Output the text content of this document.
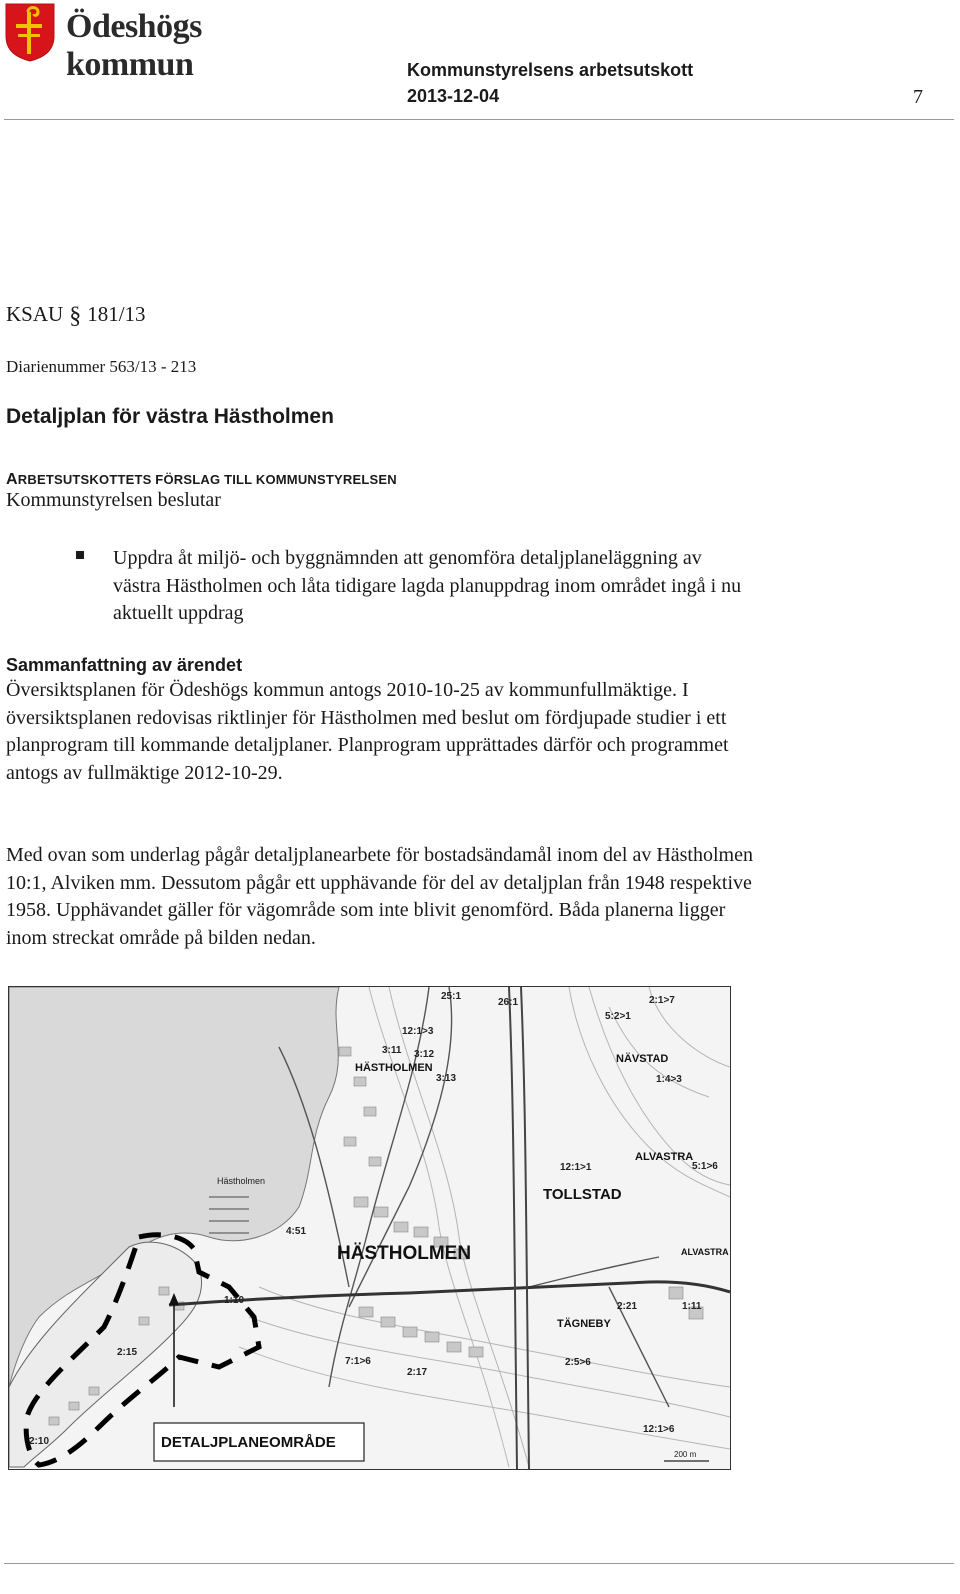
Ödeshögs kommun	Kommunstyrelsens arbetsutskott
2013-12-04	7
KSAU § 181/13
Diarienummer 563/13 - 213
Detaljplan för västra Hästholmen
ARBETSUTSKOTTETS FÖRSLAG TILL KOMMUNSTYRELSEN
Kommunstyrelsen beslutar
Uppdra åt miljö- och byggnämnden att genomföra detaljplaneläggning av västra Hästholmen och låta tidigare lagda planuppdrag inom området ingå i nu aktuellt uppdrag
Sammanfattning av ärendet
Översiktsplanen för Ödeshögs kommun antogs 2010-10-25 av kommunfullmäktige. I översiktsplanen redovisas riktlinjer för Hästholmen med beslut om fördjupade studier i ett planprogram till kommande detaljplaner. Planprogram upprättades därför och programmet antogs av fullmäktige 2012-10-29.
Med ovan som underlag pågår detaljplanearbete för bostadsändamål inom del av Hästholmen 10:1, Alviken mm. Dessutom pågår ett upphävande för del av detaljplan från 1948 respektive 1958. Upphävandet gäller för vägområde som inte blivit genomförd. Båda planerna ligger inom streckat område på bilden nedan.
DETALJPLANEOMRÅDE
HÄSTHOLMEN
HÄSTHOLMEN
TOLLSTAD
NÄVSTAD
ALVASTRA
ALVASTRA
TÄGNEBY
Hästholmen
200 m
25:1
26:1	2:1>7
5:2>1
12:1>3
3:11 3:12
1:4>3
3:13
5:1>6
12:1>1
7:1>6	2:5>6
12:1>6
1:11
4:51
2:21
2:15
2:10
1:10
2:17
